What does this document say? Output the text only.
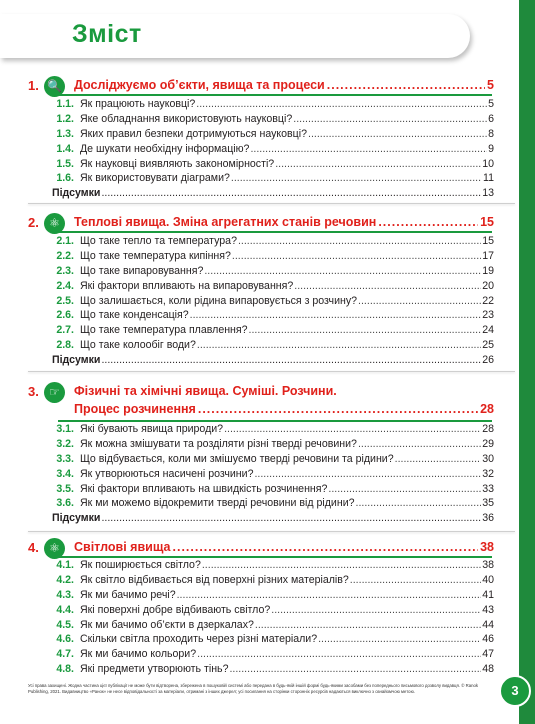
Зміст
1. 🔍 Досліджуємо об’єкти, явища та процеси .....	5
1.1. Як працюють науковці? .....	5
1.2. Яке обладнання використовують науковці? .....	6
1.3. Яких правил безпеки дотримуються науковці? .....	8
1.4. Де шукати необхідну інформацію? .....	9
1.5. Як науковці виявляють закономірності? .....	10
1.6. Як використовувати діаграми? .....	11
Підсумки .....	13
2. ⚛	Теплові явища. Зміна агрегатних станів речовин .....	15
2.1. Що таке тепло та температура? .....	15
2.2. Що таке температура кипіння? .....	17
2.3. Що таке випаровування? .....	19
2.4. Які фактори впливають на випаровування? .....	20
2.5. Що залишається, коли рідина випаровується з розчину? .....	22
2.6. Що таке конденсація? .....	23
2.7. Що таке температура плавлення? .....	24
2.8. Що таке колообіг води? .....	25
Підсумки .....	26
3. ☞	Фізичні та хімічні явища. Суміші. Розчини.
Процес розчинення .....	28
3.1. Які бувають явища природи? .....	28
3.2. Як можна змішувати та розділяти різні тверді речовини? .....	29
3.3. Що відбувається, коли ми змішуємо тверді речовини та рідини? .....	30
3.4. Як утворюються насичені розчини? .....	32
3.5. Які фактори впливають на швидкість розчинення? .....	33
3.6. Як ми можемо відокремити тверді речовини від рідини? .....	35
Підсумки .....	36
4. ⚛	Світлові явища .....	38
4.1. Як поширюється світло? .....	38
4.2. Як світло відбивається від поверхні різних матеріалів? .....	40
4.3. Як ми бачимо речі? .....	41
4.4. Які поверхні добре відбивають світло? .....	43
4.5. Як ми бачимо об’єкти в дзеркалах? .....	44
4.6. Скільки світла проходить через різні матеріали? .....	46
4.7. Як ми бачимо кольори? .....	47
4.8. Які предмети утворюють тінь? .....	48
Усі права захищені. Жодна частина цієї публікації не може бути відтворена, збережена в пошуковій системі або передана в будь-якій іншій формі будь-якими засобами без попереднього письмового дозволу видавця. © Ranok Publishing, 2021. Видавництво «Ранок» не несе відповідальності за матеріали, отримані з інших джерел; усі посилання на сторінки сторонніх ресурсів надаються виключно з ознайомчою метою.	3
